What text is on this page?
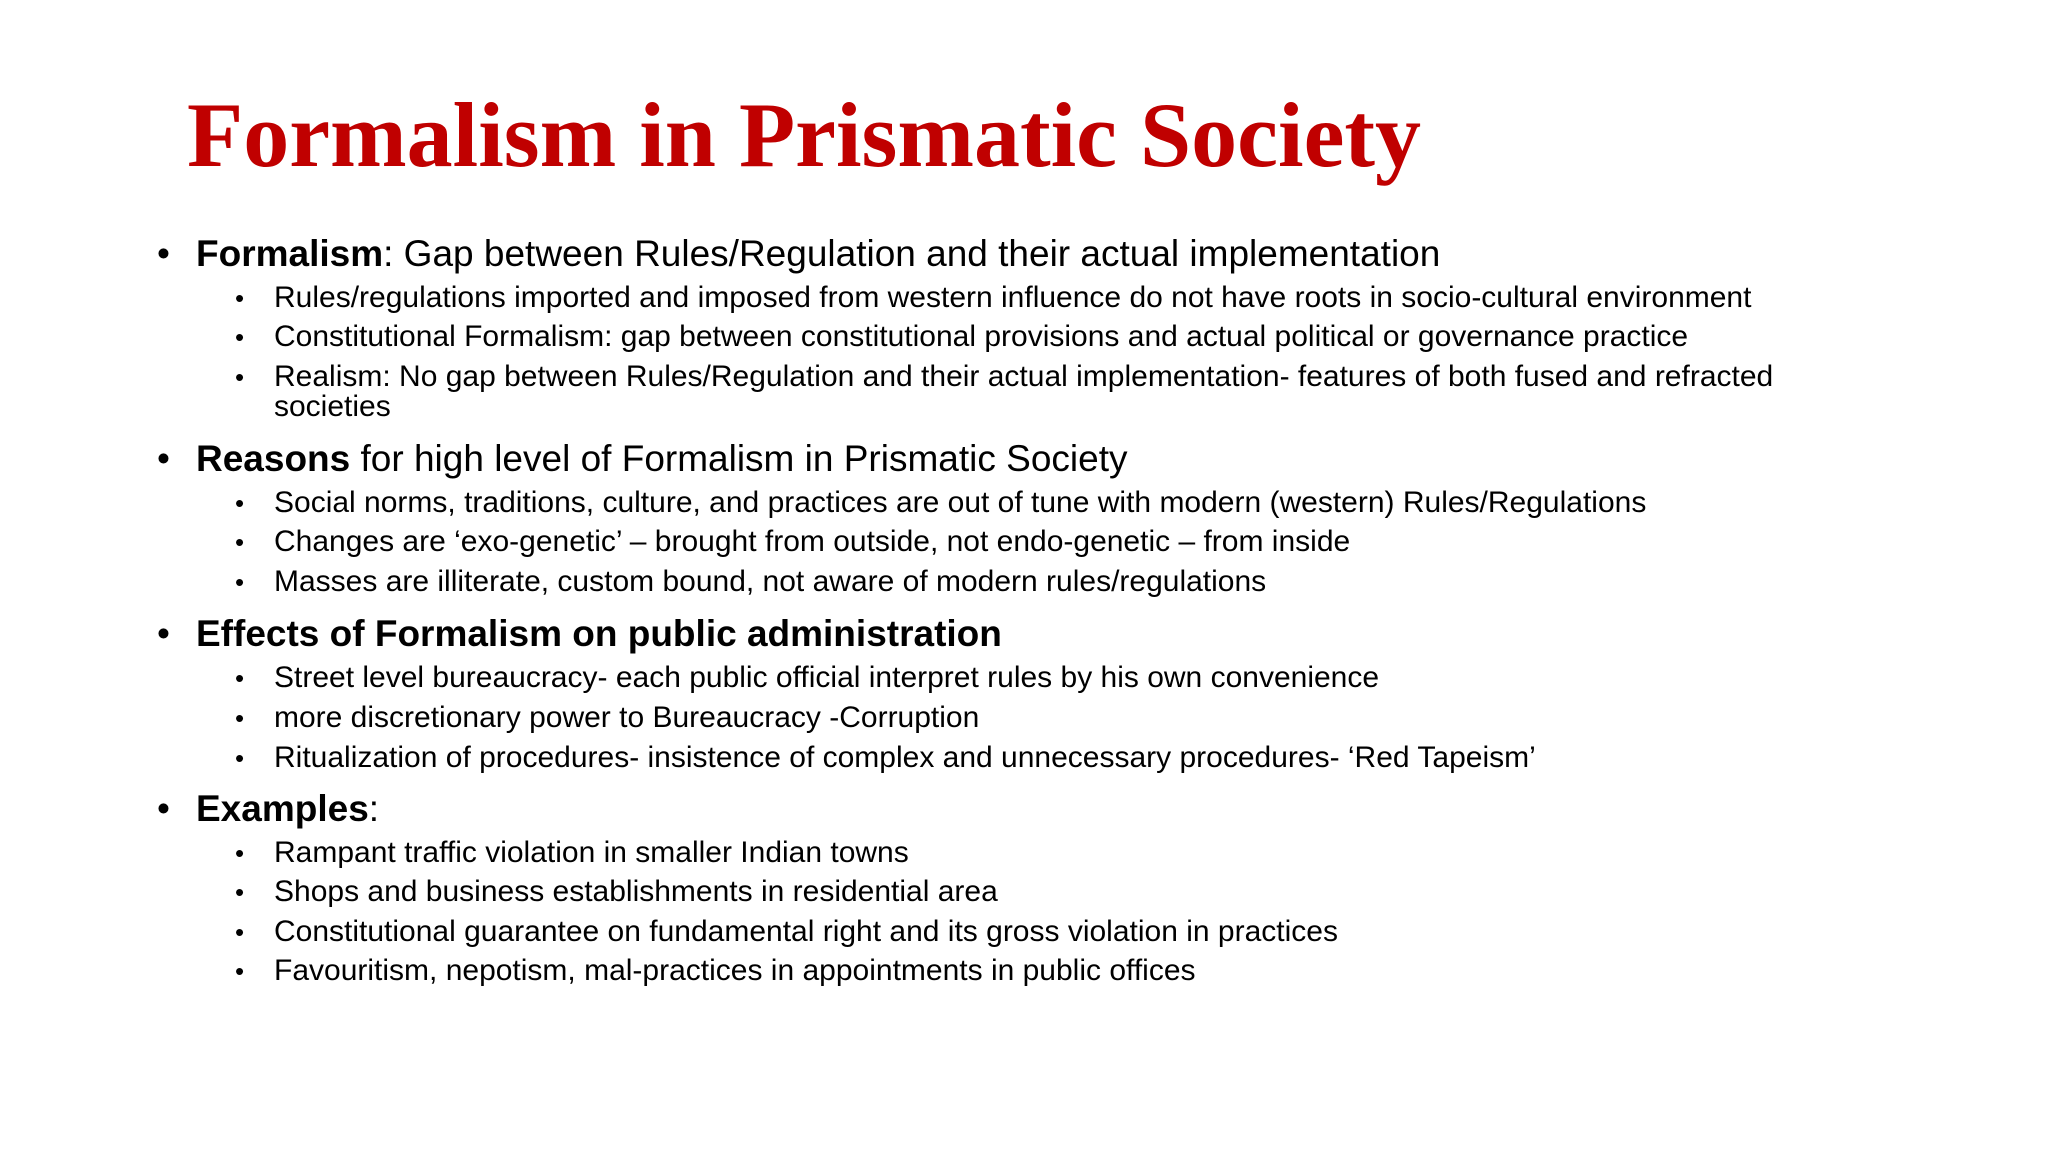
Formalism in Prismatic Society
• Formalism: Gap between Rules/Regulation and their actual implementation
• Rules/regulations imported and imposed from western influence do not have roots in socio-cultural environment
• Constitutional Formalism: gap between constitutional provisions and actual political or governance practice
• Realism: No gap between Rules/Regulation and their actual implementation- features of both fused and refracted societies
• Reasons for high level of Formalism in Prismatic Society
• Social norms, traditions, culture, and practices are out of tune with modern (western) Rules/Regulations
• Changes are ‘exo-genetic’ – brought from outside, not endo-genetic – from inside
• Masses are illiterate, custom bound, not aware of modern rules/regulations
• Effects of Formalism on public administration
• Street level bureaucracy- each public official interpret rules by his own convenience
• more discretionary power to Bureaucracy -Corruption
• Ritualization of procedures- insistence of complex and unnecessary procedures- ‘Red Tapeism’
• Examples:
• Rampant traffic violation in smaller Indian towns
• Shops and business establishments in residential area
• Constitutional guarantee on fundamental right and its gross violation in practices
• Favouritism, nepotism, mal-practices in appointments in public offices
